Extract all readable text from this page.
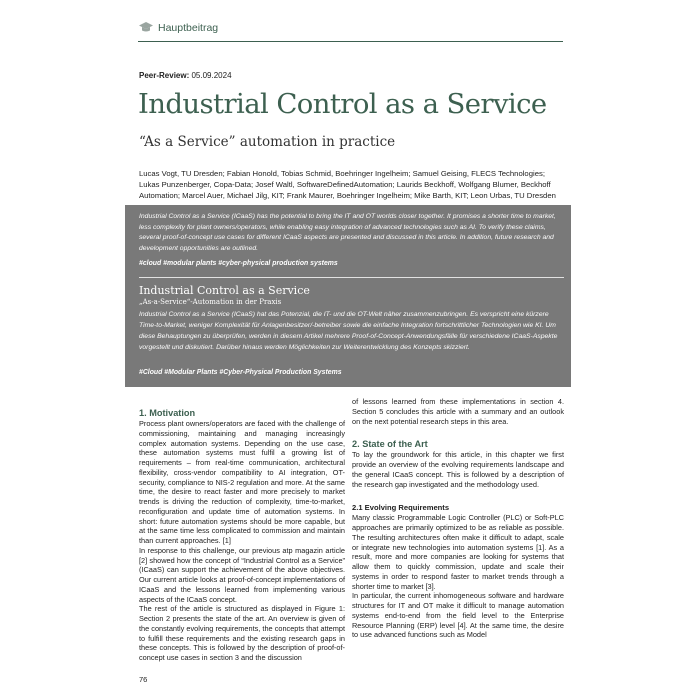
Hauptbeitrag
Peer-Review: 05.09.2024
Industrial Control as a Service
“As a Service” automation in practice
Lucas Vogt, TU Dresden; Fabian Honold, Tobias Schmid, Boehringer Ingelheim; Samuel Geising, FLECS Technologies; Lukas Punzenberger, Copa-Data; Josef Waltl, SoftwareDefinedAutomation; Laurids Beckhoff, Wolfgang Blumer, Beckhoff Automation; Marcel Auer, Michael Jilg, KIT; Frank Maurer, Boehringer Ingelheim; Mike Barth, KIT; Leon Urbas, TU Dresden
Industrial Control as a Service (ICaaS) has the potential to bring the IT and OT worlds closer together. It promises a shorter time to market, less complexity for plant owners/operators, while enabling easy integration of advanced technologies such as AI. To verify these claims, several proof-of-concept use cases for different ICaaS aspects are presented and discussed in this article. In addition, future research and development opportunities are outlined.
#cloud #modular plants #cyber-physical production systems
Industrial Control as a Service
„As-a-Service“-Automation in der Praxis
Industrial Control as a Service (ICaaS) hat das Potenzial, die IT- und die OT-Welt näher zusammenzubringen. Es verspricht eine kürzere Time-to-Market, weniger Komplexität für Anlagenbesitzer/-betreiber sowie die einfache Integration fortschrittlicher Technologien wie KI. Um diese Behauptungen zu überprüfen, werden in diesem Artikel mehrere Proof-of-Concept-Anwendungsfälle für verschiedene ICaaS-Aspekte vorgestellt und diskutiert. Darüber hinaus werden Möglichkeiten zur Weiterentwicklung des Konzepts skizziert.
#Cloud #Modular Plants #Cyber-Physical Production Systems
1. Motivation

Process plant owners/operators are faced with the challenge of commissioning, maintaining and managing increasingly complex automation systems. Depending on the use case, these automation systems must fulfil a growing list of requirements – from real-time communication, architectural flexibility, cross-vendor compatibility to AI integration, OT-security, compliance to NIS-2 regulation and more. At the same time, the desire to react faster and more precisely to market trends is driving the reduction of complexity, time-to-market, reconfiguration and update time of automation systems. In short: future automation systems should be more capable, but at the same time less complicated to commission and maintain than current approaches. [1]

In response to this challenge, our previous atp magazin article [2] showed how the concept of “Industrial Control as a Service” (ICaaS) can support the achievement of the above objectives. Our current article looks at proof-of-concept implementations of ICaaS and the lessons learned from implementing various aspects of the ICaaS concept.

The rest of the article is structured as displayed in Figure 1: Section 2 presents the state of the art. An overview is given of the constantly evolving requirements, the concepts that attempt to fulfill these requirements and the existing research gaps in these concepts. This is followed by the description of proof-of-concept use cases in section 3 and the discussion

of lessons learned from these implementations in section 4. Section 5 concludes this article with a summary and an outlook on the next potential research steps in this area.

2. State of the Art

To lay the groundwork for this article, in this chapter we first provide an overview of the evolving requirements landscape and the general ICaaS concept. This is followed by a description of the research gap investigated and the methodology used.

2.1 Evolving Requirements

Many classic Programmable Logic Controller (PLC) or Soft-PLC approaches are primarily optimized to be as reliable as possible. The resulting architectures often make it difficult to adapt, scale or integrate new technologies into automation systems [1]. As a result, more and more companies are looking for systems that allow them to quickly commission, update and scale their systems in order to respond faster to market trends through a shorter time to market [3].

In particular, the current inhomogeneous software and hardware structures for IT and OT make it difficult to manage automation systems end-to-end from the field level to the Enterprise Resource Planning (ERP) level [4]. At the same time, the desire to use advanced functions such as Model

76
